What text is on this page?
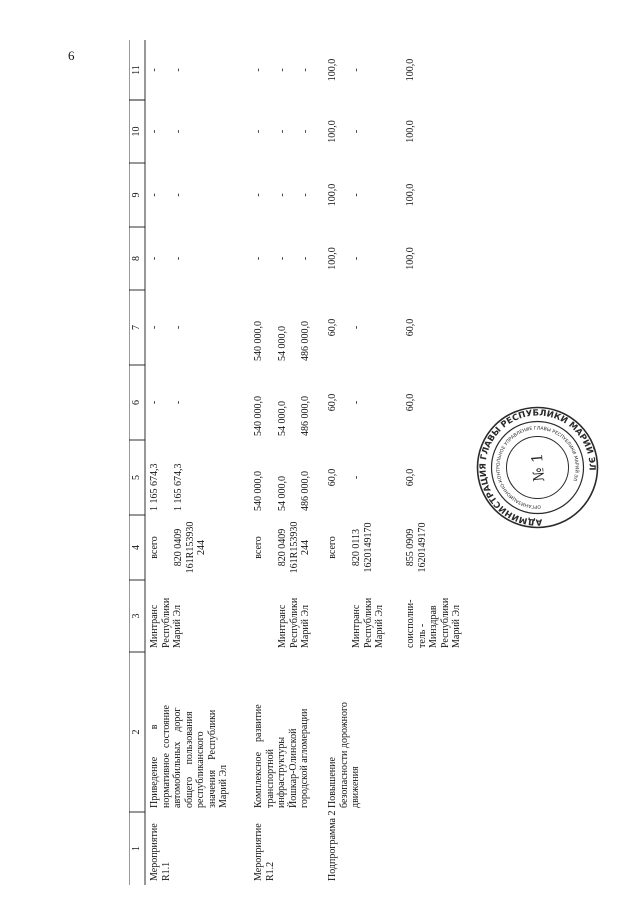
6
1
2
3
4
5
6
7
8
9
10
11
Мероприятие
R1.1
Приведение           в
нормативное  состояние
автомобильных    дорог
общего     пользования
республиканского
значения    Республики
Марий Эл
Минтранс
Республики
Марий Эл
всего
1 165 674,3
-
-
-
-
-
-
820 0409
161R153930
244
1 165 674,3
-
-
-
-
-
-
Мероприятие
R1.2
Комплексное    развитие
транспортной
инфраструктуры
Йошкар-Олинской
городской агломерации
Минтранс
Республики
Марий Эл
всего
540 000,0
540 000,0
540 000,0
-
-
-
-
820 0409
161R153930
244
54 000,0

486 000,0
54 000,0

486 000,0
54 000,0

486 000,0
-

-
-

-
-

-
-

-
Подпрограмма 2
Повышение
безопасности дорожного
движения
всего
60,0
60,0
60,0
100,0
100,0
100,0
100,0
Минтранс
Республики
Марий Эл
820 0113
1620149170
-
-
-
-
-
-
-
соисполни-
тель -
Минздрав
Республики
Марий Эл
855 0909
1620149170
60,0
60,0
60,0
100,0
100,0
100,0
100,0
АДМИНИСТРАЦИЯ ГЛАВЫ РЕСПУБЛИКИ МАРИЙ ЭЛ
ОРГАНИЗАЦИОННО-КОНТРОЛЬНОЕ УПРАВЛЕНИЕ ГЛАВЫ РЕСПУБЛИКИ МАРИЙ ЭЛ
№ 1
